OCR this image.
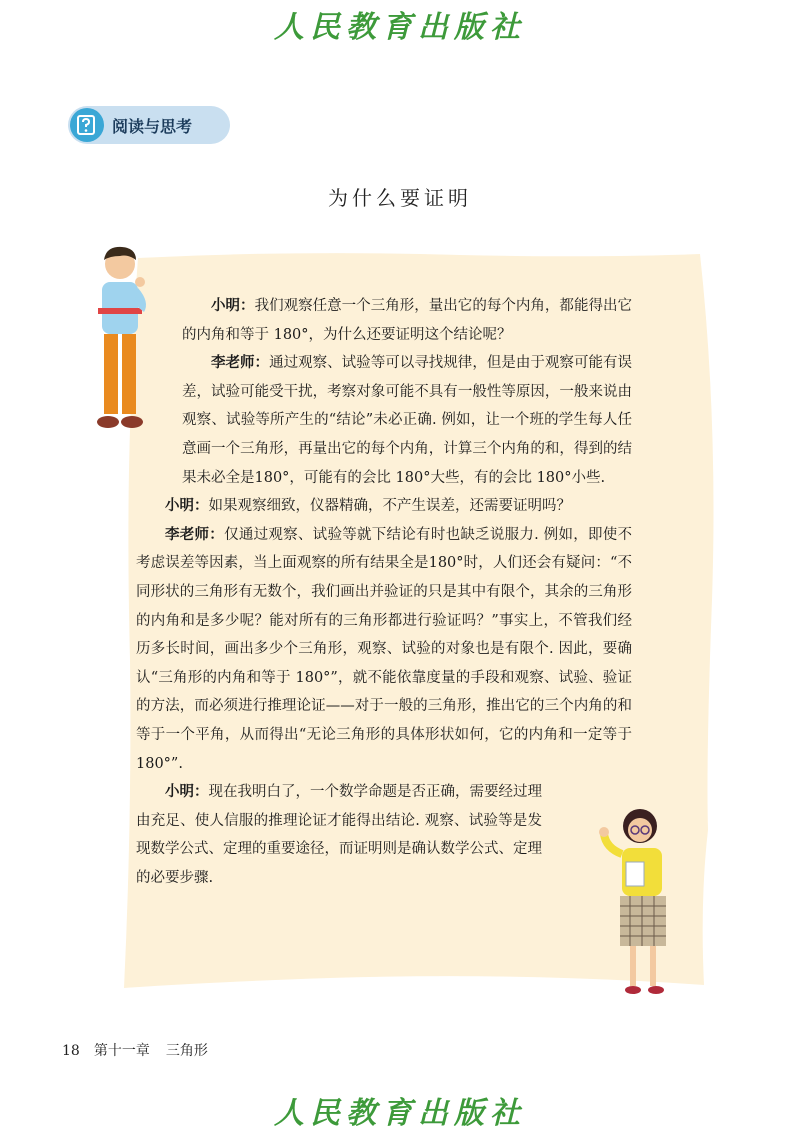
人民教育出版社
阅读与思考
为什么要证明

小明：我们观察任意一个三角形，量出它的每个内角，都能得出它的内角和等于 180°，为什么还要证明这个结论呢？

李老师：通过观察、试验等可以寻找规律，但是由于观察可能有误差，试验可能受干扰，考察对象可能不具有一般性等原因，一般来说由观察、试验等所产生的“结论”未必正确. 例如，让一个班的学生每人任意画一个三角形，再量出它的每个内角，计算三个内角的和，得到的结果未必全是180°，可能有的会比 180°大些，有的会比 180°小些.

小明：如果观察细致，仪器精确，不产生误差，还需要证明吗？

李老师：仅通过观察、试验等就下结论有时也缺乏说服力. 例如，即使不考虑误差等因素，当上面观察的所有结果全是180°时，人们还会有疑问：“不同形状的三角形有无数个，我们画出并验证的只是其中有限个，其余的三角形的内角和是多少呢？能对所有的三角形都进行验证吗？”事实上，不管我们经历多长时间，画出多少个三角形，观察、试验的对象也是有限个. 因此，要确认“三角形的内角和等于 180°”，就不能依靠度量的手段和观察、试验、验证的方法，而必须进行推理论证——对于一般的三角形，推出它的三个内角的和等于一个平角，从而得出“无论三角形的具体形状如何，它的内角和一定等于 180°”.

小明：现在我明白了，一个数学命题是否正确，需要经过理由充足、使人信服的推理论证才能得出结论. 观察、试验等是发现数学公式、定理的重要途径，而证明则是确认数学公式、定理的必要步骤.

18 第十一章 三角形
人民教育出版社
